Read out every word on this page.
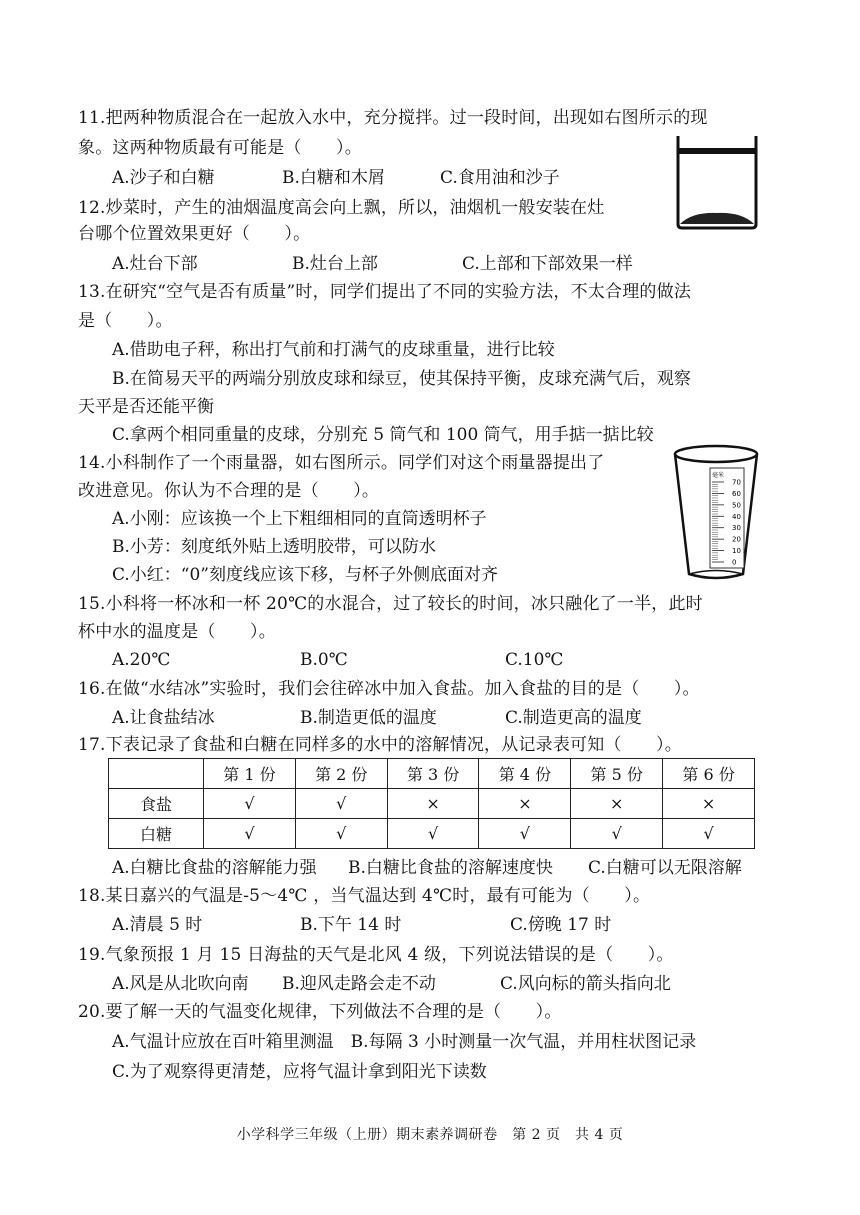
11.把两种物质混合在一起放入水中，充分搅拌。过一段时间，出现如右图所示的现
象。这两种物质最有可能是（　　）。
A.沙子和白糖	B.白糖和木屑	C.食用油和沙子
12.炒菜时，产生的油烟温度高会向上飘，所以，油烟机一般安装在灶
台哪个位置效果更好（　　）。
A.灶台下部	B.灶台上部	C.上部和下部效果一样
13.在研究“空气是否有质量”时，同学们提出了不同的实验方法，不太合理的做法
是（　　）。
A.借助电子秤，称出打气前和打满气的皮球重量，进行比较
B.在简易天平的两端分别放皮球和绿豆，使其保持平衡，皮球充满气后，观察
天平是否还能平衡
C.拿两个相同重量的皮球，分别充 5 筒气和 100 筒气，用手掂一掂比较
14.小科制作了一个雨量器，如右图所示。同学们对这个雨量器提出了
改进意见。你认为不合理的是（　　）。
A.小刚：应该换一个上下粗细相同的直筒透明杯子
B.小芳：刻度纸外贴上透明胶带，可以防水
C.小红：“0”刻度线应该下移，与杯子外侧底面对齐
70
60
50
40
30
20
10
0
毫米
15.小科将一杯冰和一杯 20℃的水混合，过了较长的时间，冰只融化了一半，此时
杯中水的温度是（　　）。
A.20℃	B.0℃	C.10℃
16.在做“水结冰”实验时，我们会往碎冰中加入食盐。加入食盐的目的是（　　）。
A.让食盐结冰	B.制造更低的温度	C.制造更高的温度
17.下表记录了食盐和白糖在同样多的水中的溶解情况，从记录表可知（　　）。
	第 1 份	第 2 份	第 3 份	第 4 份	第 5 份	第 6 份
食盐	√	√	×	×	×	×
白糖	√	√	√	√	√	√
A.白糖比食盐的溶解能力强 B.白糖比食盐的溶解速度快 C.白糖可以无限溶解
18.某日嘉兴的气温是-5～4℃ ，当气温达到 4℃时，最有可能为（　　）。
A.清晨 5 时	B.下午 14 时	C.傍晚 17 时
19.气象预报 1 月 15 日海盐的天气是北风 4 级，下列说法错误的是（　　）。
A.风是从北吹向南 B.迎风走路会走不动	C.风向标的箭头指向北
20.要了解一天的气温变化规律，下列做法不合理的是（　　）。
A.气温计应放在百叶箱里测温　B.每隔 3 小时测量一次气温，并用柱状图记录
C.为了观察得更清楚，应将气温计拿到阳光下读数
小学科学三年级（上册）期末素养调研卷　第 2 页　共 4 页
